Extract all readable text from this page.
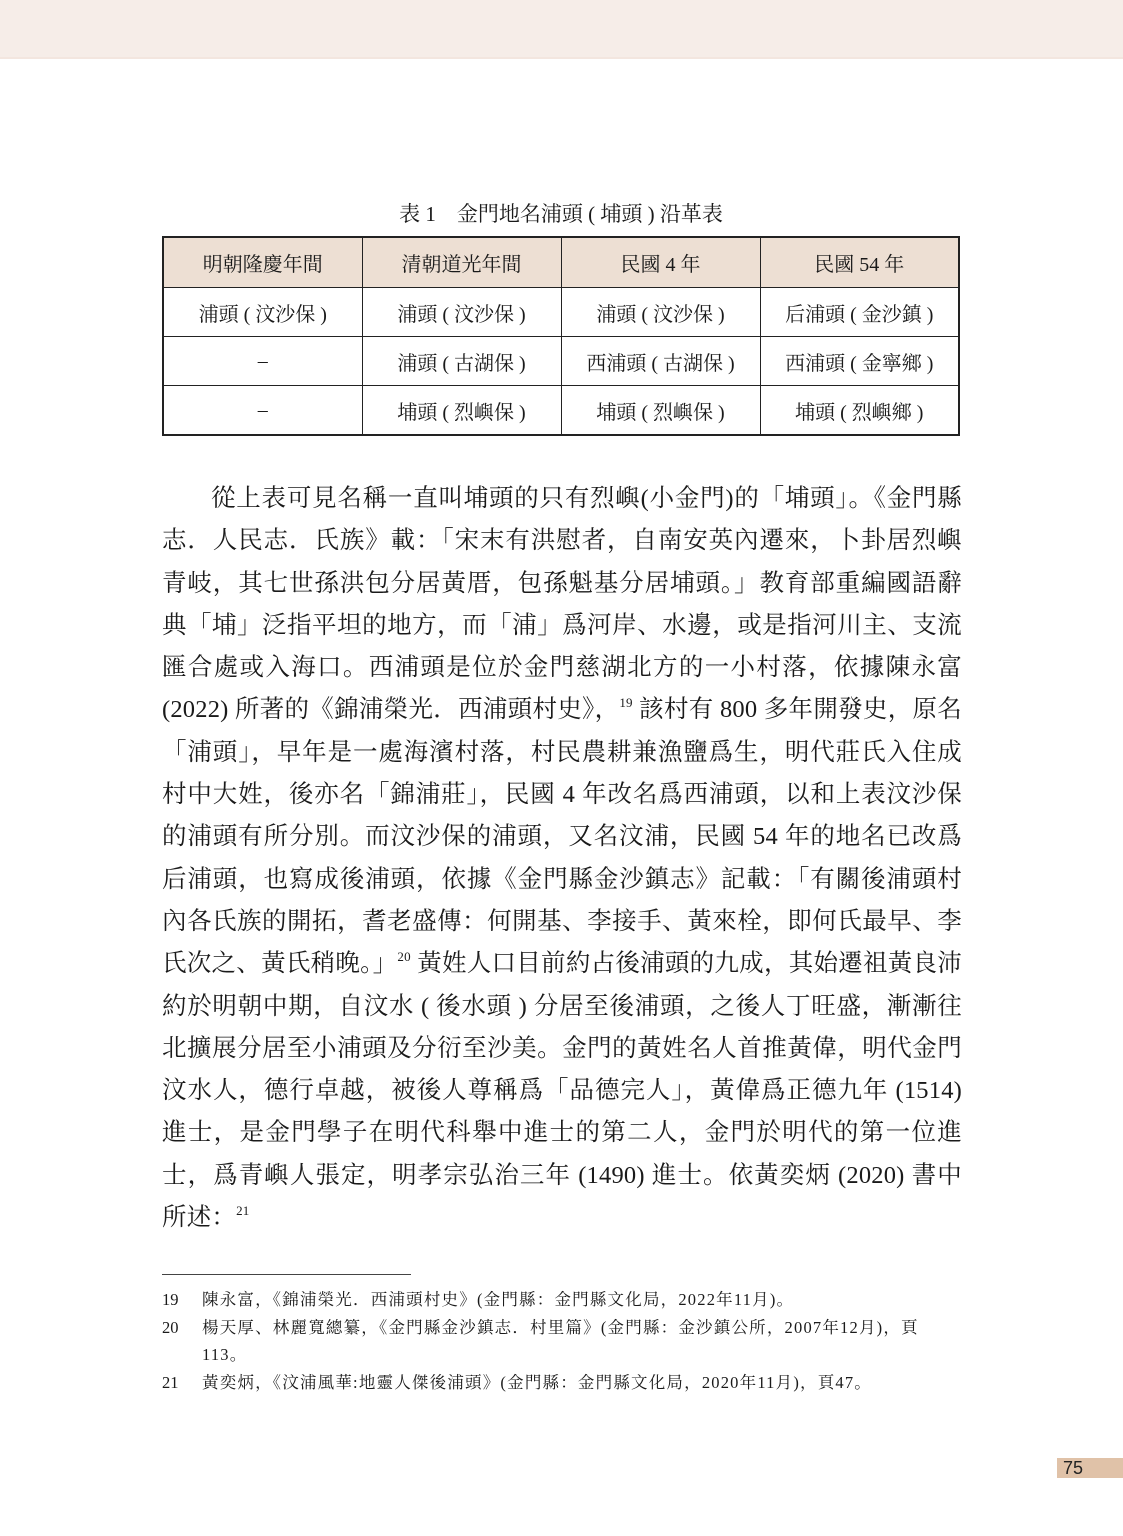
表 1　金門地名浦頭 ( 埔頭 ) 沿革表
明朝隆慶年間	清朝道光年間	民國 4 年	民國 54 年
浦頭 ( 汶沙保 )	浦頭 ( 汶沙保 )	浦頭 ( 汶沙保 )	后浦頭 ( 金沙鎮 )
–	浦頭 ( 古湖保 )	西浦頭 ( 古湖保 )	西浦頭 ( 金寧鄉 )
–	埔頭 ( 烈嶼保 )	埔頭 ( 烈嶼保 )	埔頭 ( 烈嶼鄉 )

從上表可見名稱一直叫埔頭的只有烈嶼(小金門)的「埔頭」。《金門縣志．人民志．氏族》載：「宋末有洪慰者，自南安英內遷來，卜卦居烈嶼青岐，其七世孫洪包分居黃厝，包孫魁基分居埔頭。」教育部重編國語辭典「埔」泛指平坦的地方，而「浦」爲河岸、水邊，或是指河川主、支流匯合處或入海口。西浦頭是位於金門慈湖北方的一小村落，依據陳永富 (2022) 所著的《錦浦榮光．西浦頭村史》，$^{19}$ 該村有 800 多年開發史，原名「浦頭」，早年是一處海濱村落，村民農耕兼漁鹽爲生，明代莊氏入住成村中大姓，後亦名「錦浦莊」，民國 4 年改名爲西浦頭，以和上表汶沙保的浦頭有所分別。而汶沙保的浦頭，又名汶浦，民國 54 年的地名已改爲后浦頭，也寫成後浦頭，依據《金門縣金沙鎮志》記載：「有關後浦頭村內各氏族的開拓，耆老盛傳：何開基、李接手、黃來栓，即何氏最早、李氏次之、黃氏稍晚。」$^{20}$ 黃姓人口目前約占後浦頭的九成，其始遷祖黃良沛約於明朝中期，自汶水 ( 後水頭 ) 分居至後浦頭，之後人丁旺盛，漸漸往北擴展分居至小浦頭及分衍至沙美。金門的黃姓名人首推黃偉，明代金門汶水人，德行卓越，被後人尊稱爲「品德完人」，黃偉爲正德九年 (1514) 進士，是金門學子在明代科舉中進士的第二人，金門於明代的第一位進士，爲青嶼人張定，明孝宗弘治三年 (1490) 進士。依黃奕炳 (2020) 書中所述：$^{21}$

19	陳永富，《錦浦榮光．西浦頭村史》(金門縣：金門縣文化局，2022年11月)。
20	楊天厚、林麗寬總纂，《金門縣金沙鎮志．村里篇》(金門縣：金沙鎮公所，2007年12月)，頁113。
21	黃奕炳，《汶浦風華:地靈人傑後浦頭》(金門縣：金門縣文化局，2020年11月)，頁47。
75
